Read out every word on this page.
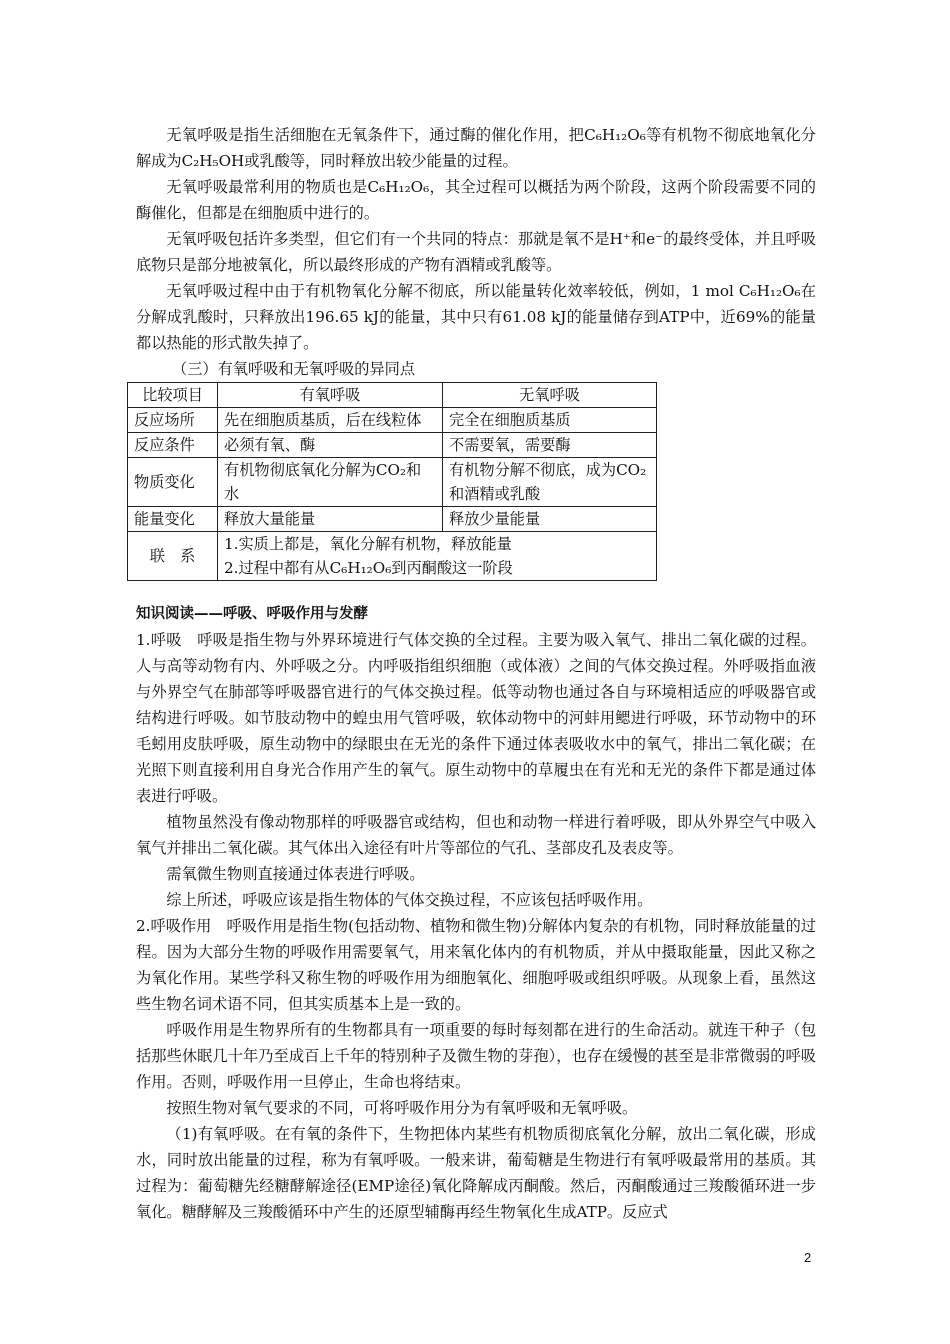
无氧呼吸是指生活细胞在无氧条件下，通过酶的催化作用，把C₆H₁₂O₆等有机物不彻底地氧化分解成为C₂H₅OH或乳酸等，同时释放出较少能量的过程。

无氧呼吸最常利用的物质也是C₆H₁₂O₆，其全过程可以概括为两个阶段，这两个阶段需要不同的酶催化，但都是在细胞质中进行的。

无氧呼吸包括许多类型，但它们有一个共同的特点：那就是氧不是H⁺和e⁻的最终受体，并且呼吸底物只是部分地被氧化，所以最终形成的产物有酒精或乳酸等。

无氧呼吸过程中由于有机物氧化分解不彻底，所以能量转化效率较低，例如，1 mol C₆H₁₂O₆在分解成乳酸时，只释放出196.65 kJ的能量，其中只有61.08 kJ的能量储存到ATP中，近69%的能量都以热能的形式散失掉了。

（三）有氧呼吸和无氧呼吸的异同点

比较项目	有氧呼吸	无氧呼吸
反应场所	先在细胞质基质，后在线粒体	完全在细胞质基质
反应条件	必须有氧、酶	不需要氧，需要酶
物质变化	有机物彻底氧化分解为CO₂和水	有机物分解不彻底，成为CO₂和酒精或乳酸
能量变化	释放大量能量	释放少量能量
联　系	1.实质上都是，氧化分解有机物，释放能量
2.过程中都有从C₆H₁₂O₆到丙酮酸这一阶段	

知识阅读——呼吸、呼吸作用与发酵

1.呼吸　呼吸是指生物与外界环境进行气体交换的全过程。主要为吸入氧气、排出二氧化碳的过程。人与高等动物有内、外呼吸之分。内呼吸指组织细胞（或体液）之间的气体交换过程。外呼吸指血液与外界空气在肺部等呼吸器官进行的气体交换过程。低等动物也通过各自与环境相适应的呼吸器官或结构进行呼吸。如节肢动物中的蝗虫用气管呼吸，软体动物中的河蚌用鳃进行呼吸，环节动物中的环毛蚓用皮肤呼吸，原生动物中的绿眼虫在无光的条件下通过体表吸收水中的氧气，排出二氧化碳；在光照下则直接利用自身光合作用产生的氧气。原生动物中的草履虫在有光和无光的条件下都是通过体表进行呼吸。

植物虽然没有像动物那样的呼吸器官或结构，但也和动物一样进行着呼吸，即从外界空气中吸入氧气并排出二氧化碳。其气体出入途径有叶片等部位的气孔、茎部皮孔及表皮等。

需氧微生物则直接通过体表进行呼吸。

综上所述，呼吸应该是指生物体的气体交换过程，不应该包括呼吸作用。

2.呼吸作用　呼吸作用是指生物(包括动物、植物和微生物)分解体内复杂的有机物，同时释放能量的过程。因为大部分生物的呼吸作用需要氧气，用来氧化体内的有机物质，并从中摄取能量，因此又称之为氧化作用。某些学科又称生物的呼吸作用为细胞氧化、细胞呼吸或组织呼吸。从现象上看，虽然这些生物名词术语不同，但其实质基本上是一致的。

呼吸作用是生物界所有的生物都具有一项重要的每时每刻都在进行的生命活动。就连干种子（包括那些休眠几十年乃至成百上千年的特别种子及微生物的芽孢），也存在缓慢的甚至是非常微弱的呼吸作用。否则，呼吸作用一旦停止，生命也将结束。

按照生物对氧气要求的不同，可将呼吸作用分为有氧呼吸和无氧呼吸。

（1)有氧呼吸。在有氧的条件下，生物把体内某些有机物质彻底氧化分解，放出二氧化碳，形成水，同时放出能量的过程，称为有氧呼吸。一般来讲，葡萄糖是生物进行有氧呼吸最常用的基质。其过程为：葡萄糖先经糖酵解途径(EMP途径)氧化降解成丙酮酸。然后，丙酮酸通过三羧酸循环进一步氧化。糖酵解及三羧酸循环中产生的还原型辅酶再经生物氧化生成ATP。反应式

2
